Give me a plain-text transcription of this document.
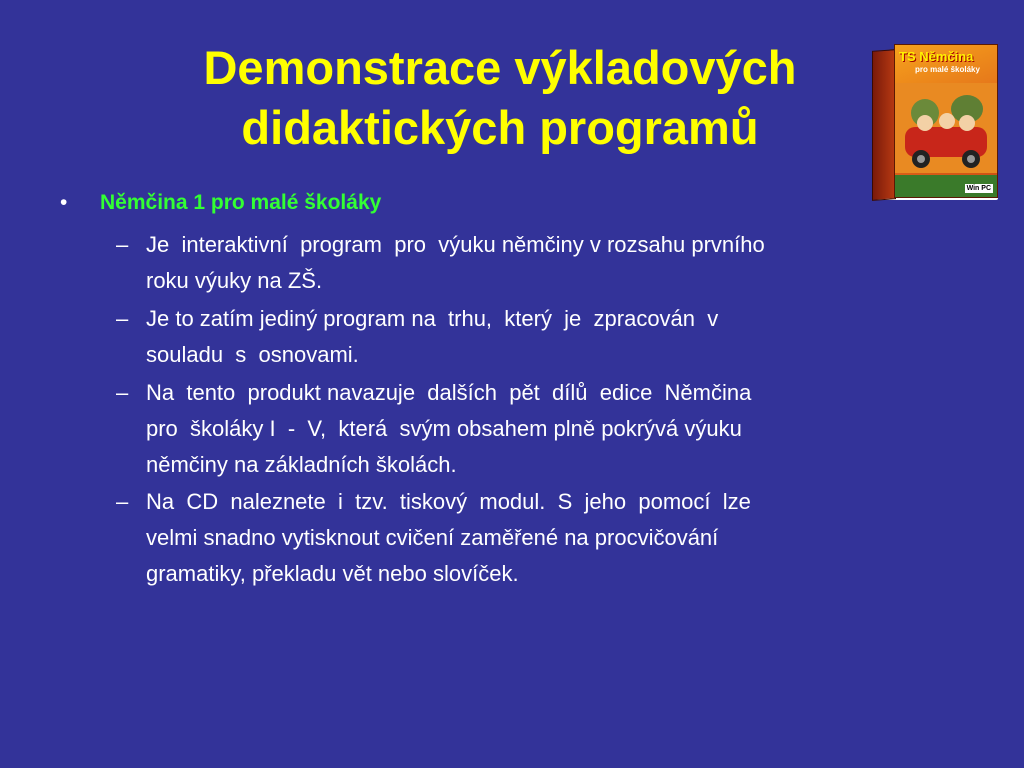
Demonstrace výkladových
didaktických programů
TS Němčina
pro malé školáky
Win PC
• Němčina 1 pro malé školáky
– Je  interaktivní  program  pro  výuku němčiny v rozsahu prvního
roku výuky na ZŠ.
– Je to zatím jediný program na  trhu,  který  je  zpracován  v
souladu  s  osnovami.
– Na  tento  produkt navazuje  dalších  pět  dílů  edice  Němčina
pro  školáky I  -  V,  která  svým obsahem plně pokrývá výuku
němčiny na základních školách.
– Na  CD  naleznete  i  tzv.  tiskový  modul.  S  jeho  pomocí  lze
velmi snadno vytisknout cvičení zaměřené na procvičování
gramatiky, překladu vět nebo slovíček.
